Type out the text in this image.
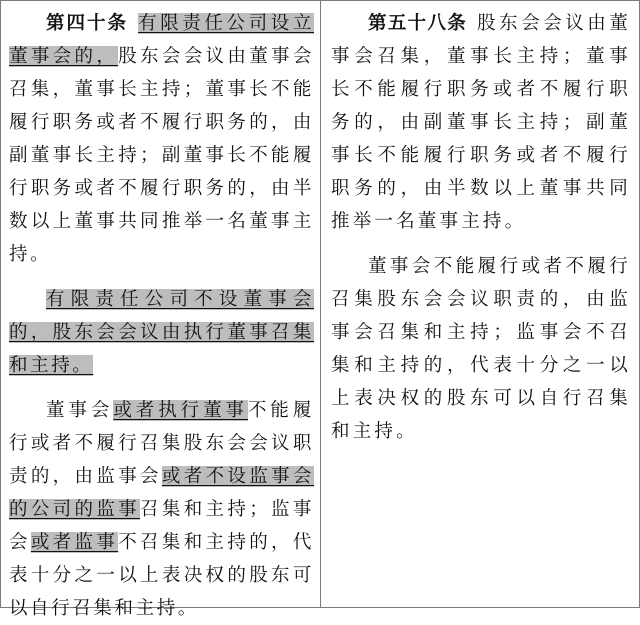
第四十条 有限责任公司设立董事会的，股东会会议由董事会召集，董事长主持；董事长不能履行职务或者不履行职务的，由副董事长主持；副董事长不能履行职务或者不履行职务的，由半数以上董事共同推举一名董事主持。

有限责任公司不设董事会的，股东会会议由执行董事召集和主持。

董事会或者执行董事不能履行或者不履行召集股东会会议职责的，由监事会或者不设监事会的公司的监事召集和主持；监事会或者监事不召集和主持的，代表十分之一以上表决权的股东可以自行召集和主持。

第五十八条 股东会会议由董事会召集，董事长主持；董事长不能履行职务或者不履行职务的，由副董事长主持；副董事长不能履行职务或者不履行职务的，由半数以上董事共同推举一名董事主持。

董事会不能履行或者不履行召集股东会会议职责的，由监事会召集和主持；监事会不召集和主持的，代表十分之一以上表决权的股东可以自行召集和主持。
